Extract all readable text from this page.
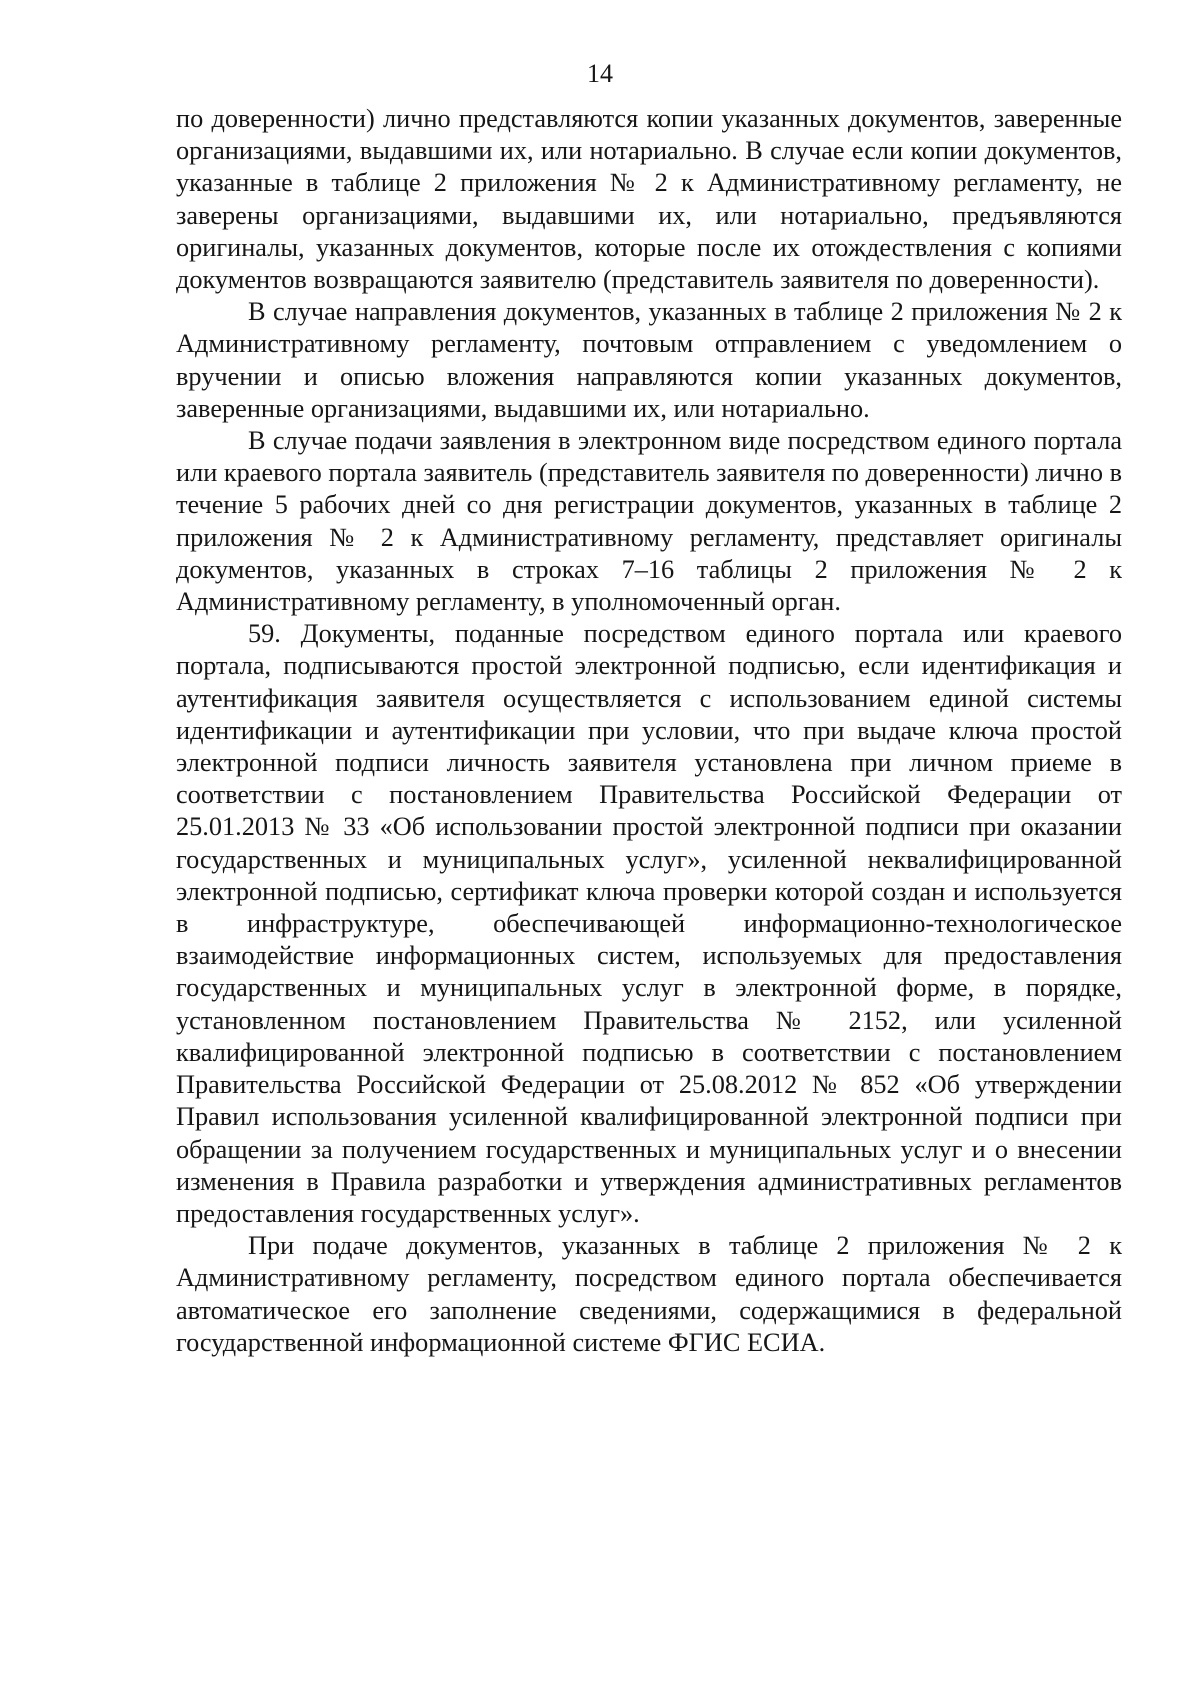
14

по доверенности) лично представляются копии указанных документов, заверенные организациями, выдавшими их, или нотариально. В случае если копии документов, указанные в таблице 2 приложения № 2 к Административному регламенту, не заверены организациями, выдавшими их, или нотариально, предъявляются оригиналы, указанных документов, которые после их отождествления с копиями документов возвращаются заявителю (представитель заявителя по доверенности).

В случае направления документов, указанных в таблице 2 приложения № 2 к Административному регламенту, почтовым отправлением с уведомлением о вручении и описью вложения направляются копии указанных документов, заверенные организациями, выдавшими их, или нотариально.

В случае подачи заявления в электронном виде посредством единого портала или краевого портала заявитель (представитель заявителя по доверенности) лично в течение 5 рабочих дней со дня регистрации документов, указанных в таблице 2 приложения № 2 к Административному регламенту, представляет оригиналы документов, указанных в строках 7–16 таблицы 2 приложения № 2 к Административному регламенту, в уполномоченный орган.

59. Документы, поданные посредством единого портала или краевого портала, подписываются простой электронной подписью, если идентификация и аутентификация заявителя осуществляется с использованием единой системы идентификации и аутентификации при условии, что при выдаче ключа простой электронной подписи личность заявителя установлена при личном приеме в соответствии с постановлением Правительства Российской Федерации от 25.01.2013 № 33 «Об использовании простой электронной подписи при оказании государственных и муниципальных услуг», усиленной неквалифицированной электронной подписью, сертификат ключа проверки которой создан и используется в инфраструктуре, обеспечивающей информационно-технологическое взаимодействие информационных систем, используемых для предоставления государственных и муниципальных услуг в электронной форме, в порядке, установленном постановлением Правительства № 2152, или усиленной квалифицированной электронной подписью в соответствии с постановлением Правительства Российской Федерации от 25.08.2012 № 852 «Об утверждении Правил использования усиленной квалифицированной электронной подписи при обращении за получением государственных и муниципальных услуг и о внесении изменения в Правила разработки и утверждения административных регламентов предоставления государственных услуг».

При подаче документов, указанных в таблице 2 приложения № 2 к Административному регламенту, посредством единого портала обеспечивается автоматическое его заполнение сведениями, содержащимися в федеральной государственной информационной системе ФГИС ЕСИА.
